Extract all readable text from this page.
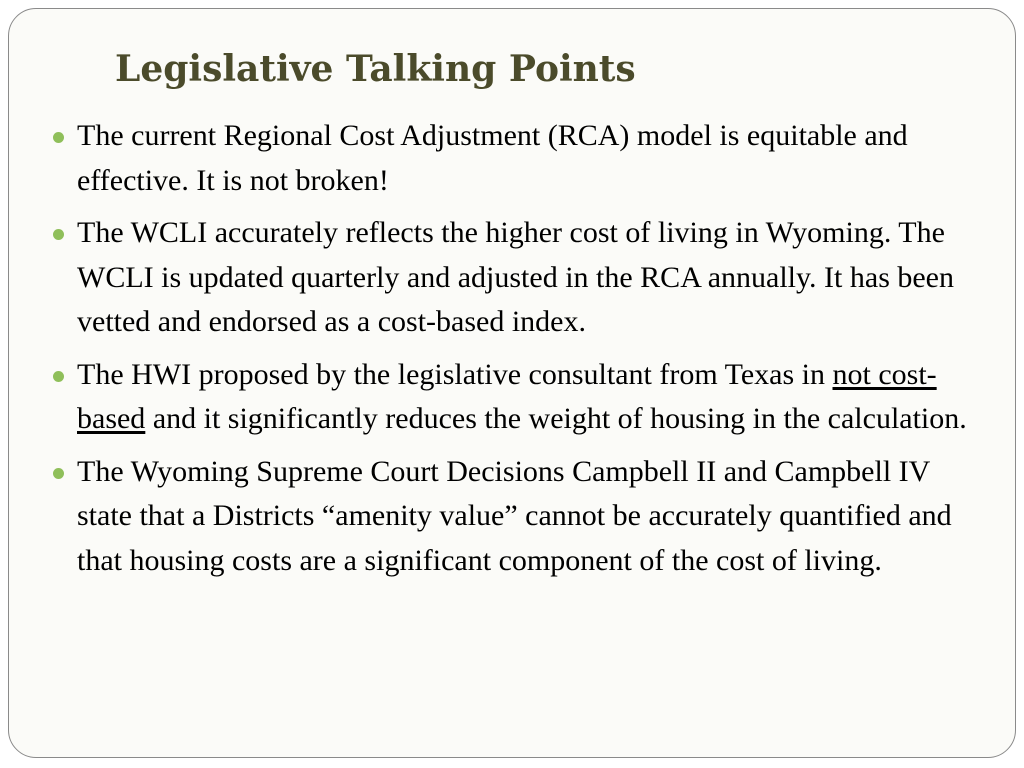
Legislative Talking Points
The current Regional Cost Adjustment (RCA) model is equitable and effective. It is not broken!
The WCLI accurately reflects the higher cost of living in Wyoming. The WCLI is updated quarterly and adjusted in the RCA annually. It has been vetted and endorsed as a cost-based index.
The HWI proposed by the legislative consultant from Texas in not cost-based and it significantly reduces the weight of housing in the calculation.
The Wyoming Supreme Court Decisions Campbell II and Campbell IV state that a Districts “amenity value” cannot be accurately quantified and that housing costs are a significant component of the cost of living.
